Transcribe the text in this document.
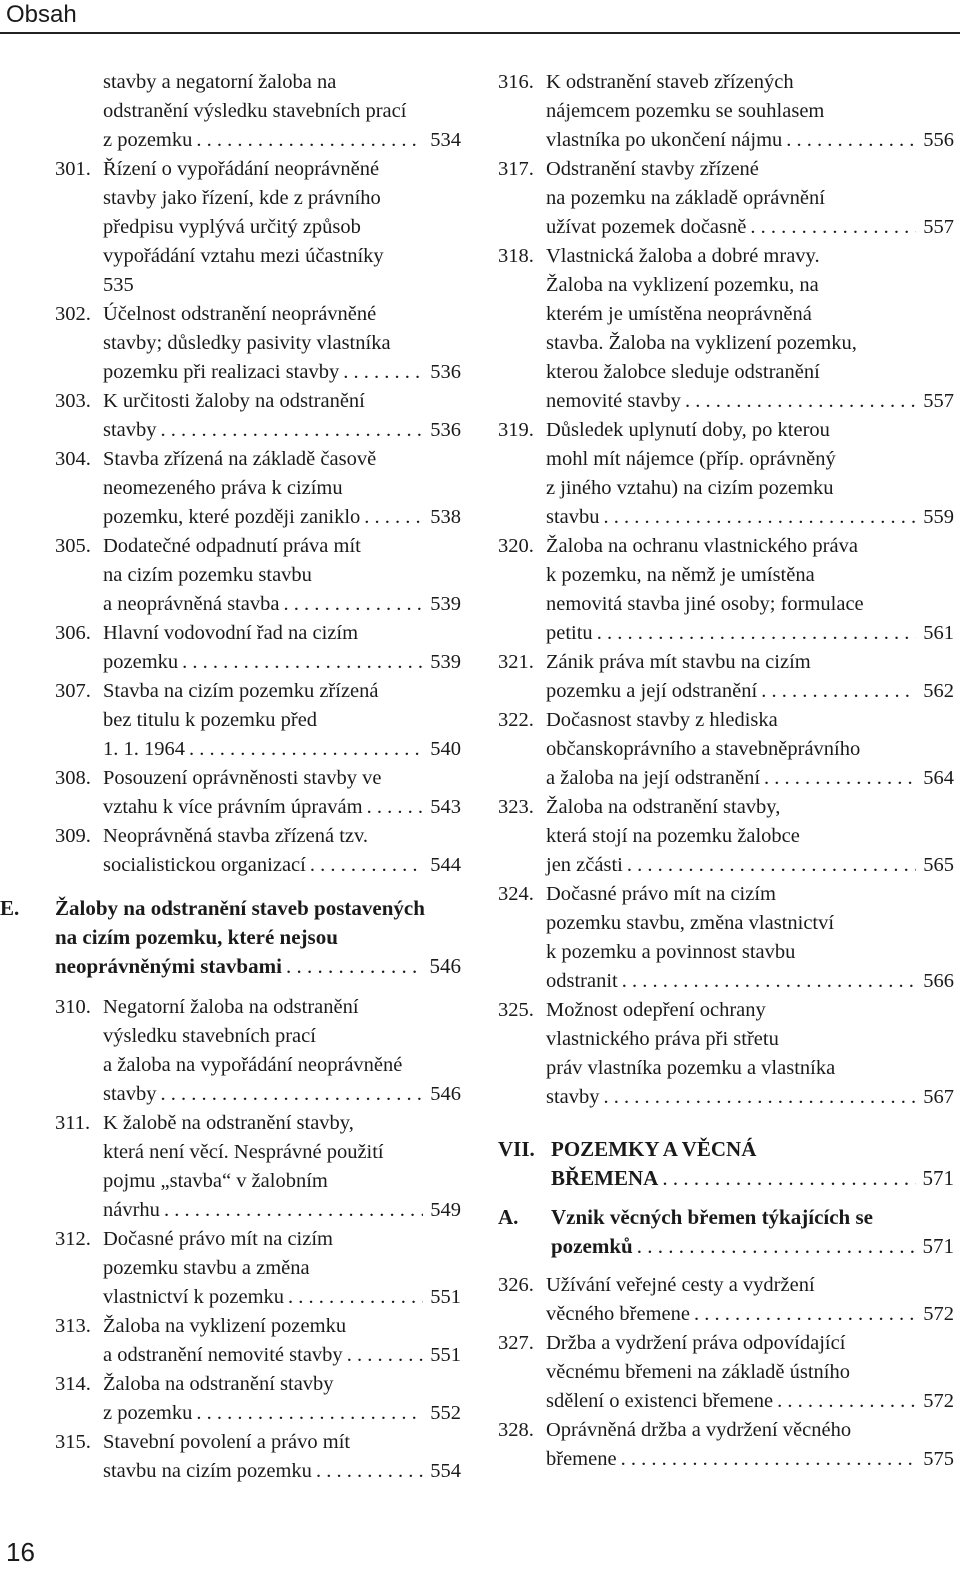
Obsah
stavby a negatorní žaloba na
odstranění výsledku stavebních prací
z pozemku . . .	534
301. Řízení o vypořádání neoprávněné
stavby jako řízení, kde z právního
předpisu vyplývá určitý způsob
vypořádání vztahu mezi účastníky
535
302. Účelnost odstranění neoprávněné
stavby; důsledky pasivity vlastníka
pozemku při realizaci stavby . . .	536
303. K určitosti žaloby na odstranění
stavby . . .	536
304. Stavba zřízená na základě časově
neomezeného práva k cizímu
pozemku, které později zaniklo . . .	538
305. Dodatečné odpadnutí práva mít
na cizím pozemku stavbu
a neoprávněná stavba . . .	539
306. Hlavní vodovodní řad na cizím
pozemku . . .	539
307. Stavba na cizím pozemku zřízená
bez titulu k pozemku před
1. 1. 1964 . . .	540
308. Posouzení oprávněnosti stavby ve
vztahu k více právním úpravám . . .	543
309. Neoprávněná stavba zřízená tzv.
socialistickou organizací . . .	544
E. Žaloby na odstranění staveb postavených
na cizím pozemku, které nejsou
neoprávněnými stavbami . . .	546
310. Negatorní žaloba na odstranění
výsledku stavebních prací
a žaloba na vypořádání neoprávněné
stavby . . .	546
311. K žalobě na odstranění stavby,
která není věcí. Nesprávné použití
pojmu „stavba“ v žalobním
návrhu . . .	549
312. Dočasné právo mít na cizím
pozemku stavbu a změna
vlastnictví k pozemku . . .	551
313. Žaloba na vyklizení pozemku
a odstranění nemovité stavby . . .	551
314. Žaloba na odstranění stavby
z pozemku . . .	552
315. Stavební povolení a právo mít
stavbu na cizím pozemku . . .	554
316. K odstranění staveb zřízených
nájemcem pozemku se souhlasem
vlastníka po ukončení nájmu . . .	556
317. Odstranění stavby zřízené
na pozemku na základě oprávnění
užívat pozemek dočasně . . .	557
318. Vlastnická žaloba a dobré mravy.
Žaloba na vyklizení pozemku, na
kterém je umístěna neoprávněná
stavba. Žaloba na vyklizení pozemku,
kterou žalobce sleduje odstranění
nemovité stavby . . .	557
319. Důsledek uplynutí doby, po kterou
mohl mít nájemce (příp. oprávněný
z jiného vztahu) na cizím pozemku
stavbu . . .	559
320. Žaloba na ochranu vlastnického práva
k pozemku, na němž je umístěna
nemovitá stavba jiné osoby; formulace
petitu . . .	561
321. Zánik práva mít stavbu na cizím
pozemku a její odstranění . . .	562
322. Dočasnost stavby z hlediska
občanskoprávního a stavebněprávního
a žaloba na její odstranění . . .	564
323. Žaloba na odstranění stavby,
která stojí na pozemku žalobce
jen zčásti . . .	565
324. Dočasné právo mít na cizím
pozemku stavbu, změna vlastnictví
k pozemku a povinnost stavbu
odstranit . . .	566
325. Možnost odepření ochrany
vlastnického práva při střetu
práv vlastníka pozemku a vlastníka
stavby . . .	567
VII. POZEMKY A VĚCNÁ
BŘEMENA . . .	571
A. Vznik věcných břemen týkajících se
pozemků . . .	571
326. Užívání veřejné cesty a vydržení
věcného břemene . . .	572
327. Držba a vydržení práva odpovídající
věcnému břemeni na základě ústního
sdělení o existenci břemene . . .	572
328. Oprávněná držba a vydržení věcného
břemene . . .	575
16
